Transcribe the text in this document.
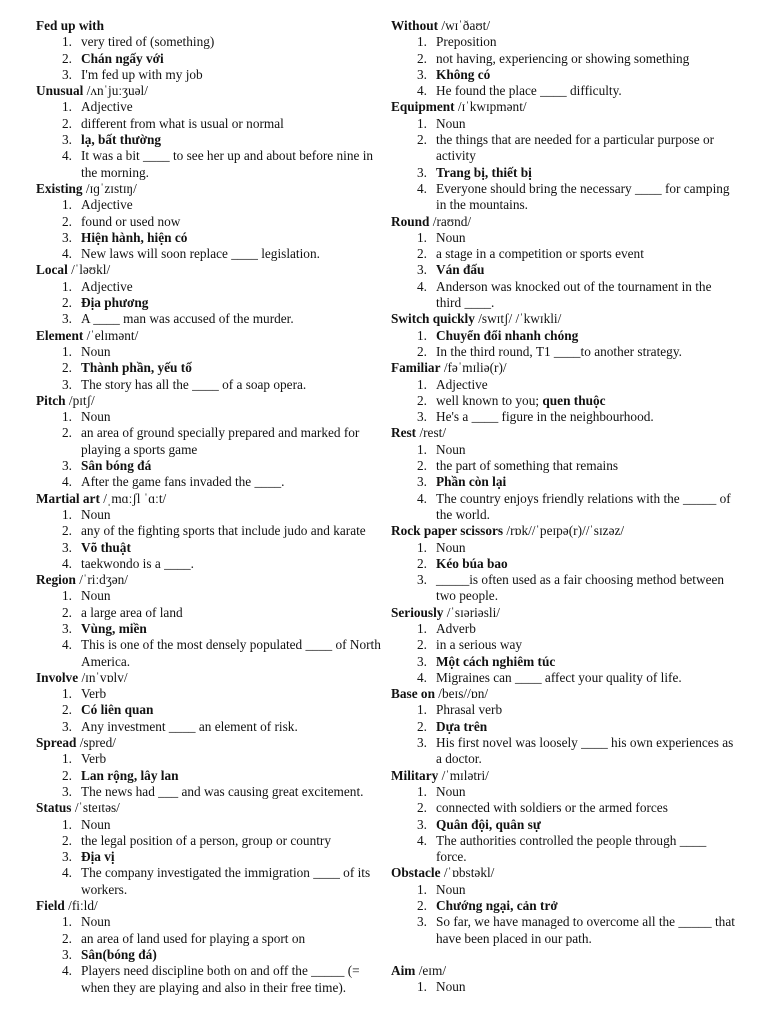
Fed up with
1. very tired of (something)
2. Chán ngấy với
3. I'm fed up with my job
Unusual /ʌnˈjuːʒuəl/
1. Adjective
2. different from what is usual or normal
3. lạ, bất thường
4. It was a bit ____ to see her up and about before nine in the morning.
Existing /ɪɡˈzɪstɪŋ/
1. Adjective
2. found or used now
3. Hiện hành, hiện có
4. New laws will soon replace ____ legislation.
Local /ˈləʊkl/
1. Adjective
2. Địa phương
3. A ____ man was accused of the murder.
Element /ˈelɪmənt/
1. Noun
2. Thành phần, yếu tố
3. The story has all the ____ of a soap opera.
Pitch /pɪtʃ/
1. Noun
2. an area of ground specially prepared and marked for playing a sports game
3. Sân bóng đá
4. After the game fans invaded the ____.
Martial art /ˌmɑːʃl ˈɑːt/
1. Noun
2. any of the fighting sports that include judo and karate
3. Võ thuật
4. taekwondo is a ____.
Region /ˈriːdʒən/
1. Noun
2. a large area of land
3. Vùng, miền
4. This is one of the most densely populated ____ of North America.
Involve /ɪnˈvɒlv/
1. Verb
2. Có liên quan
3. Any investment ____ an element of risk.
Spread /spred/
1. Verb
2. Lan rộng, lây lan
3. The news had ___ and was causing great excitement.
Status /ˈsteɪtəs/
1. Noun
2. the legal position of a person, group or country
3. Địa vị
4. The company investigated the immigration ____ of its workers.
Field /fiːld/
1. Noun
2. an area of land used for playing a sport on
3. Sân(bóng đá)
4. Players need discipline both on and off the _____ (= when they are playing and also in their free time).
Without /wɪˈðaʊt/
1. Preposition
2. not having, experiencing or showing something
3. Không có
4. He found the place ____ difficulty.
Equipment /ɪˈkwɪpmənt/
1. Noun
2. the things that are needed for a particular purpose or activity
3. Trang bị, thiết bị
4. Everyone should bring the necessary ____ for camping in the mountains.
Round /raʊnd/
1. Noun
2. a stage in a competition or sports event
3. Ván đấu
4. Anderson was knocked out of the tournament in the third ____.
Switch quickly /swɪtʃ/ /ˈkwɪkli/
1. Chuyển đổi nhanh chóng
2. In the third round, T1 ____to another strategy.
Familiar /fəˈmɪliə(r)/
1. Adjective
2. well known to you; quen thuộc
3. He's a ____ figure in the neighbourhood.
Rest /rest/
1. Noun
2. the part of something that remains
3. Phần còn lại
4. The country enjoys friendly relations with the _____ of the world.
Rock paper scissors /rɒk//ˈpeɪpə(r)//ˈsɪzəz/
1. Noun
2. Kéo búa bao
3. _____is often used as a fair choosing method between two people.
Seriously /ˈsɪəriəsli/
1. Adverb
2. in a serious way
3. Một cách nghiêm túc
4. Migraines can ____ affect your quality of life.
Base on /beɪs//ɒn/
1. Phrasal verb
2. Dựa trên
3. His first novel was loosely ____ his own experiences as a doctor.
Military /ˈmɪlətri/
1. Noun
2. connected with soldiers or the armed forces
3. Quân đội, quân sự
4. The authorities controlled the people through ____ force.
Obstacle /ˈɒbstəkl/
1. Noun
2. Chướng ngại, cản trở
3. So far, we have managed to overcome all the _____ that have been placed in our path.
Aim /eɪm/
1. Noun
